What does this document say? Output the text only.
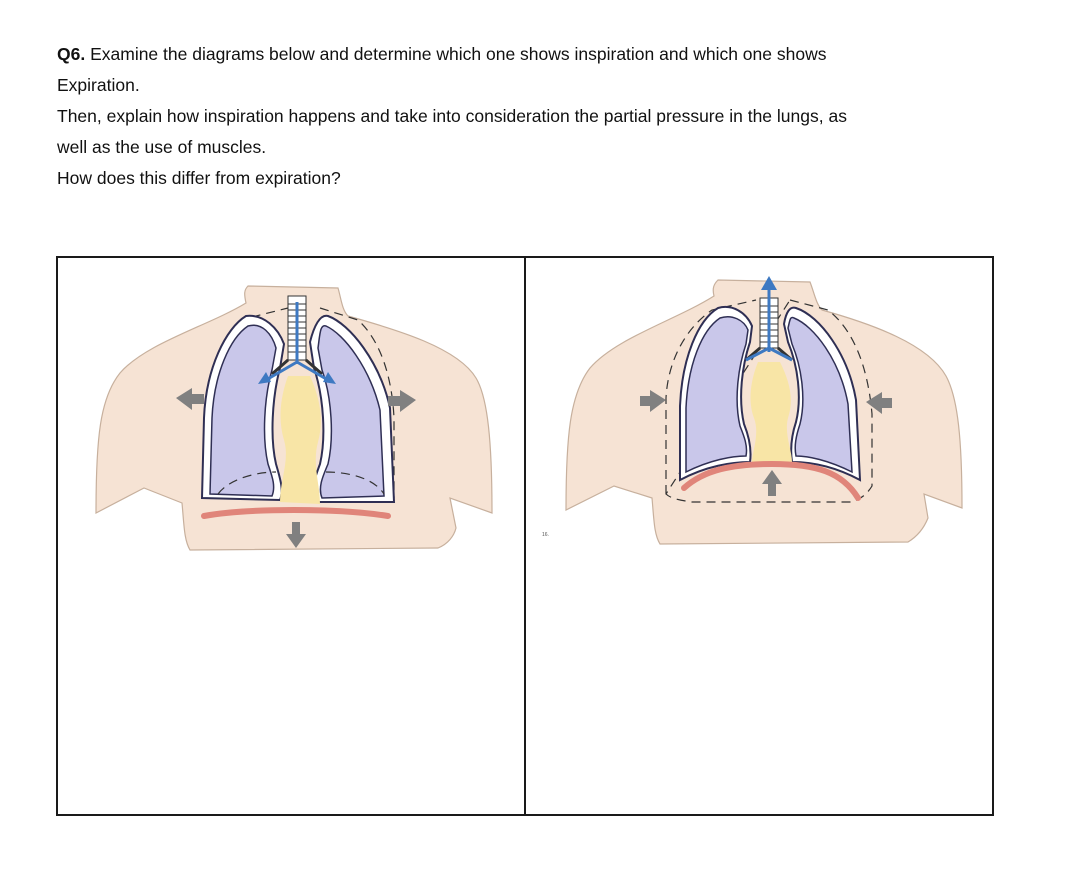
Q6. Examine the diagrams below and determine which one shows inspiration and which one shows

Expiration.

Then, explain how inspiration happens and take into consideration the partial pressure in the lungs, as

well as the use of muscles.

How does this differ from expiration?

16.
